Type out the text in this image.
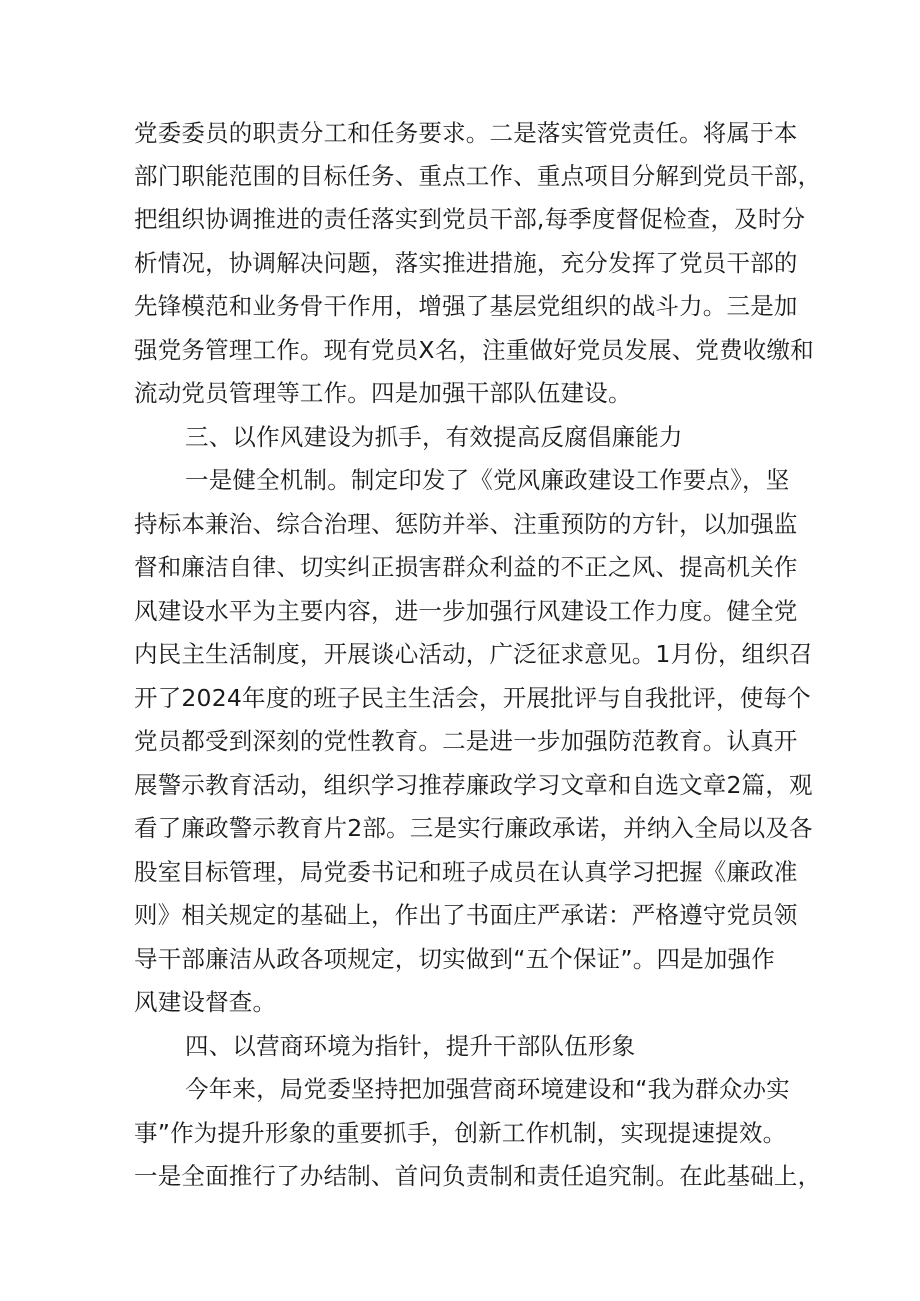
党委委员的职责分工和任务要求。二是落实管党责任。将属于本
部门职能范围的目标任务、重点工作、重点项目分解到党员干部，
把组织协调推进的责任落实到党员干部,每季度督促检查，及时分
析情况，协调解决问题，落实推进措施，充分发挥了党员干部的
先锋模范和业务骨干作用，增强了基层党组织的战斗力。三是加
强党务管理工作。现有党员X名，注重做好党员发展、党费收缴和
流动党员管理等工作。四是加强干部队伍建设。
三、以作风建设为抓手，有效提高反腐倡廉能力
一是健全机制。制定印发了《党风廉政建设工作要点》，坚
持标本兼治、综合治理、惩防并举、注重预防的方针，以加强监
督和廉洁自律、切实纠正损害群众利益的不正之风、提高机关作
风建设水平为主要内容，进一步加强行风建设工作力度。健全党
内民主生活制度，开展谈心活动，广泛征求意见。1月份，组织召
开了2024年度的班子民主生活会，开展批评与自我批评，使每个
党员都受到深刻的党性教育。二是进一步加强防范教育。认真开
展警示教育活动，组织学习推荐廉政学习文章和自选文章2篇，观
看了廉政警示教育片2部。三是实行廉政承诺，并纳入全局以及各
股室目标管理，局党委书记和班子成员在认真学习把握《廉政准
则》相关规定的基础上，作出了书面庄严承诺：严格遵守党员领
导干部廉洁从政各项规定，切实做到“五个保证”。四是加强作
风建设督查。
四、以营商环境为指针，提升干部队伍形象
今年来，局党委坚持把加强营商环境建设和“我为群众办实
事”作为提升形象的重要抓手，创新工作机制，实现提速提效。
一是全面推行了办结制、首问负责制和责任追究制。在此基础上，
